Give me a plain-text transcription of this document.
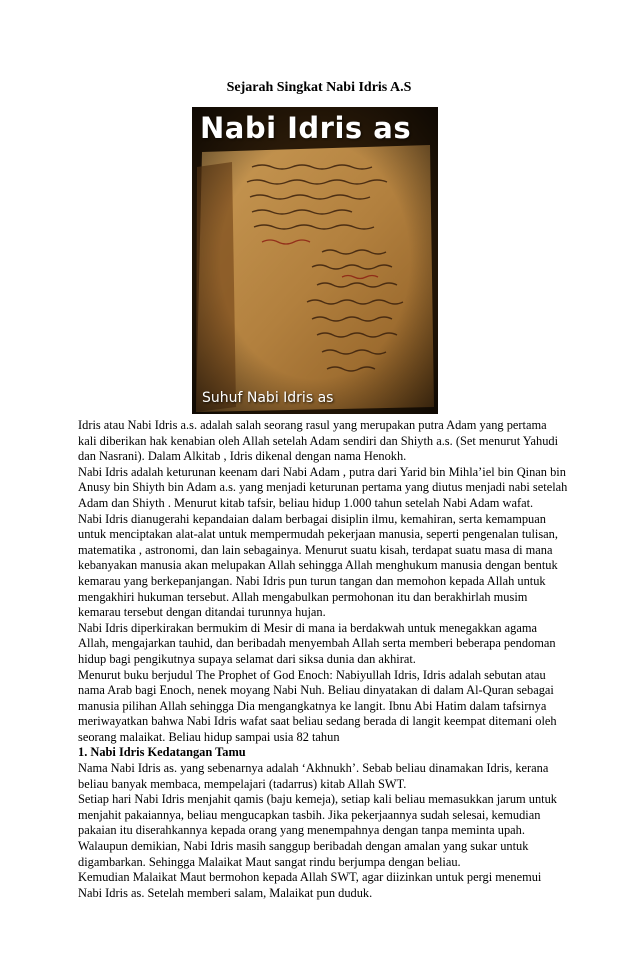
Sejarah Singkat Nabi Idris A.S
Nabi Idris as
Suhuf Nabi Idris as

Idris atau Nabi Idris a.s. adalah salah seorang rasul yang merupakan putra Adam yang pertama kali diberikan hak kenabian oleh Allah setelah Adam sendiri dan Shiyth a.s. (Set menurut Yahudi dan Nasrani). Dalam Alkitab , Idris dikenal dengan nama Henokh.

Nabi Idris adalah keturunan keenam dari Nabi Adam , putra dari Yarid bin Mihla’iel bin Qinan bin Anusy bin Shiyth bin Adam a.s. yang menjadi keturunan pertama yang diutus menjadi nabi setelah Adam dan Shiyth . Menurut kitab tafsir, beliau hidup 1.000 tahun setelah Nabi Adam wafat.

Nabi Idris dianugerahi kepandaian dalam berbagai disiplin ilmu, kemahiran, serta kemampuan untuk menciptakan alat-alat untuk mempermudah pekerjaan manusia, seperti pengenalan tulisan, matematika , astronomi, dan lain sebagainya. Menurut suatu kisah, terdapat suatu masa di mana kebanyakan manusia akan melupakan Allah sehingga Allah menghukum manusia dengan bentuk kemarau yang berkepanjangan. Nabi Idris pun turun tangan dan memohon kepada Allah untuk mengakhiri hukuman tersebut. Allah mengabulkan permohonan itu dan berakhirlah musim kemarau tersebut dengan ditandai turunnya hujan.

Nabi Idris diperkirakan bermukim di Mesir di mana ia berdakwah untuk menegakkan agama Allah, mengajarkan tauhid, dan beribadah menyembah Allah serta memberi beberapa pendoman hidup bagi pengikutnya supaya selamat dari siksa dunia dan akhirat.

Menurut buku berjudul The Prophet of God Enoch: Nabiyullah Idris, Idris adalah sebutan atau nama Arab bagi Enoch, nenek moyang Nabi Nuh. Beliau dinyatakan di dalam Al-Quran sebagai manusia pilihan Allah sehingga Dia mengangkatnya ke langit. Ibnu Abi Hatim dalam tafsirnya meriwayatkan bahwa Nabi Idris wafat saat beliau sedang berada di langit keempat ditemani oleh seorang malaikat. Beliau hidup sampai usia 82 tahun

1. Nabi Idris Kedatangan Tamu

Nama Nabi Idris as. yang sebenarnya adalah ‘Akhnukh’. Sebab beliau dinamakan Idris, kerana beliau banyak membaca, mempelajari (tadarrus) kitab Allah SWT.

Setiap hari Nabi Idris menjahit qamis (baju kemeja), setiap kali beliau memasukkan jarum untuk menjahit pakaiannya, beliau mengucapkan tasbih. Jika pekerjaannya sudah selesai, kemudian pakaian itu diserahkannya kepada orang yang menempahnya dengan tanpa meminta upah.

Walaupun demikian, Nabi Idris masih sanggup beribadah dengan amalan yang sukar untuk digambarkan. Sehingga Malaikat Maut sangat rindu berjumpa dengan beliau.

Kemudian Malaikat Maut bermohon kepada Allah SWT, agar diizinkan untuk pergi menemui Nabi Idris as. Setelah memberi salam, Malaikat pun duduk.
